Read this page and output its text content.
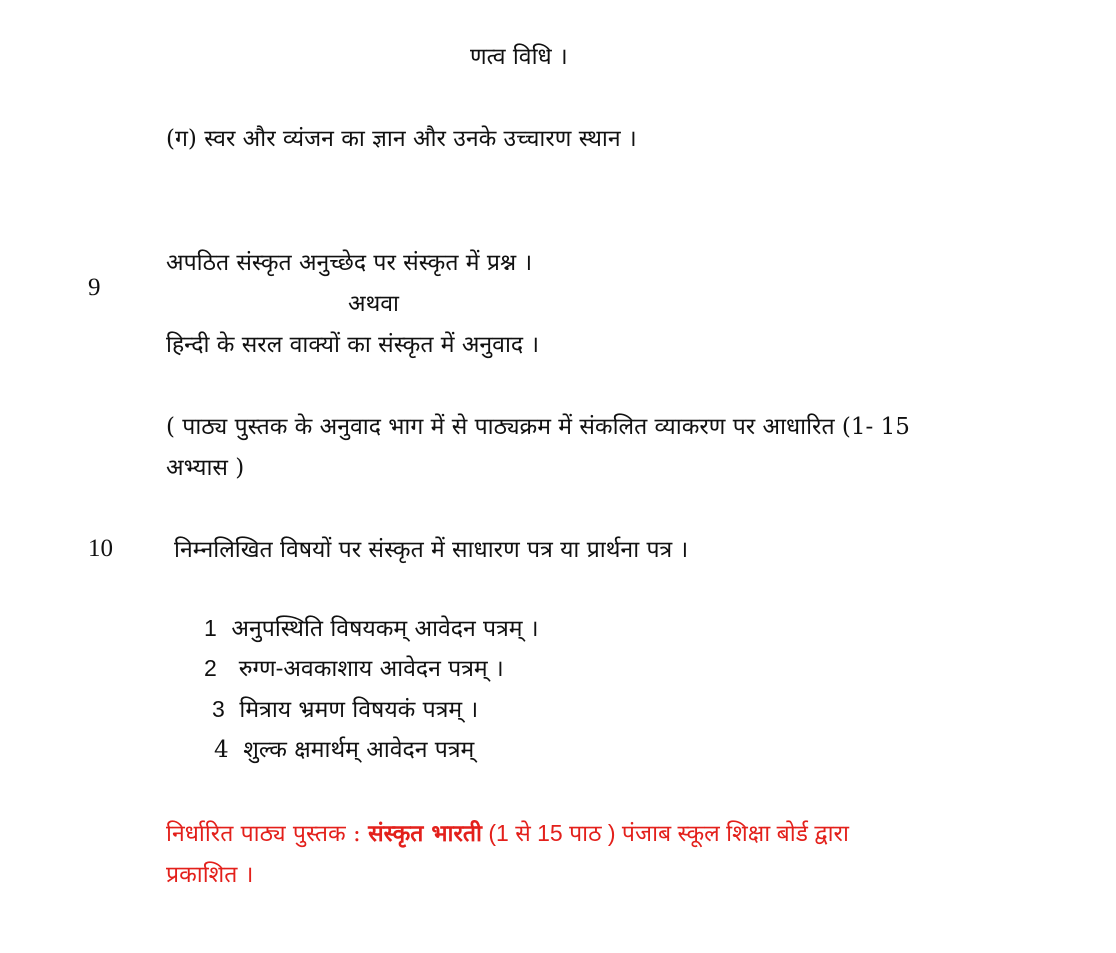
णत्व विधि ।
(ग) स्वर और व्यंजन का ज्ञान और उनके उच्चारण स्थान ।
9
अपठित संस्कृत अनुच्छेद पर संस्कृत में प्रश्न ।
अथवा
हिन्दी के सरल वाक्यों का संस्कृत में अनुवाद ।
( पाठ्य पुस्तक के अनुवाद भाग में से पाठ्यक्रम में संकलित व्याकरण पर आधारित (1- 15
अभ्यास )
10	निम्नलिखित विषयों पर संस्कृत में साधारण पत्र या प्रार्थना पत्र ।
1 अनुपस्थिति विषयकम् आवेदन पत्रम् ।
2 रुग्ण-अवकाशाय आवेदन पत्रम् ।
3 मित्राय भ्रमण विषयकं पत्रम् ।
4 शुल्क क्षमार्थम् आवेदन पत्रम्
निर्धारित पाठ्य पुस्तक : संस्कृत भारती (1 से 15 पाठ ) पंजाब स्कूल शिक्षा बोर्ड द्वारा
प्रकाशित ।
